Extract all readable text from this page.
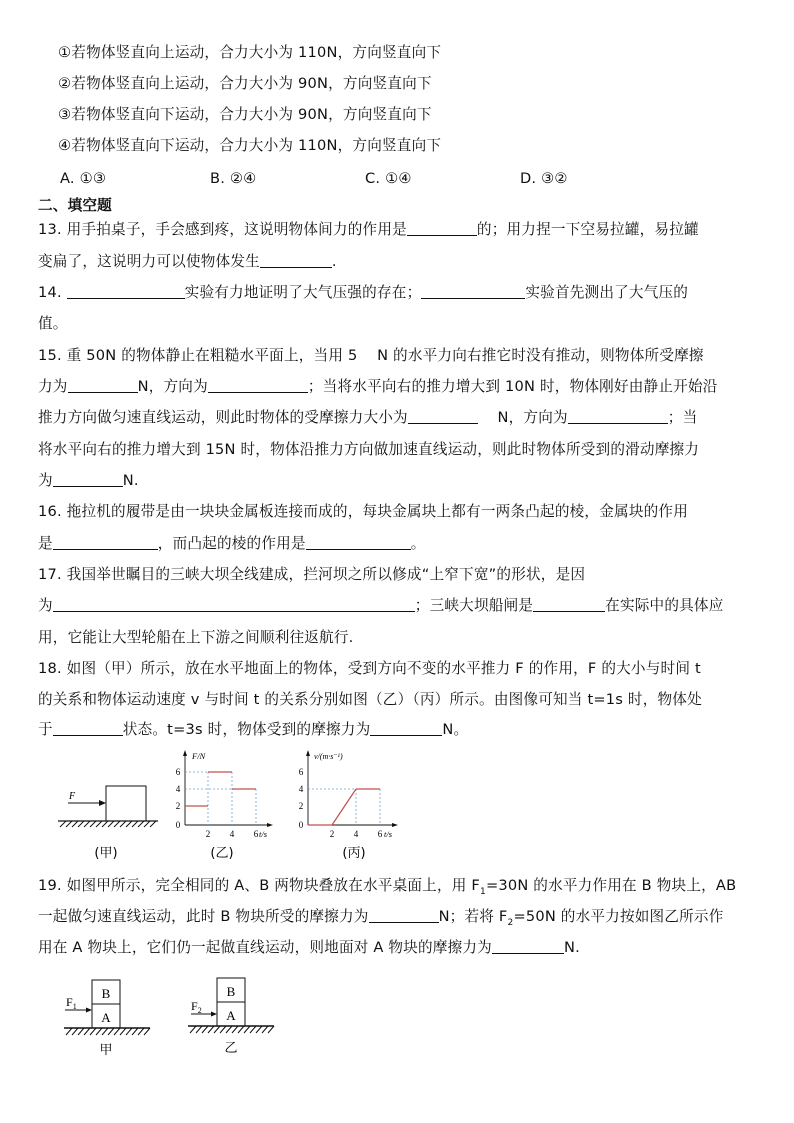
①若物体竖直向上运动，合力大小为 110N，方向竖直向下
②若物体竖直向上运动，合力大小为 90N，方向竖直向下
③若物体竖直向下运动，合力大小为 90N，方向竖直向下
④若物体竖直向下运动，合力大小为 110N，方向竖直向下
A. ①③	B. ②④	C. ①④	D. ③②
二、填空题
13. 用手拍桌子，手会感到疼，这说明物体间力的作用是	的；用力捏一下空易拉罐，易拉罐
变扁了，这说明力可以使物体发生	.
14.	实验有力地证明了大气压强的存在；	实验首先测出了大气压的
值。
15. 重 50N 的物体静止在粗糙水平面上，当用 5 　N 的水平力向右推它时没有推动，则物体所受摩擦
力为	N，方向为	；当将水平向右的推力增大到 10N 时，物体刚好由静止开始沿
推力方向做匀速直线运动，则此时物体的受摩擦力大小为	　 N，方向为	；当
将水平向右的推力增大到 15N 时，物体沿推力方向做加速直线运动，则此时物体所受到的滑动摩擦力
为	N.
16. 拖拉机的履带是由一块块金属板连接而成的，每块金属块上都有一两条凸起的棱，金属块的作用
是	，而凸起的棱的作用是	。
17. 我国举世瞩目的三峡大坝全线建成，拦河坝之所以修成“上窄下宽”的形状，是因
为	；三峡大坝船闸是	在实际中的具体应
用，它能让大型轮船在上下游之间顺利往返航行.
18. 如图（甲）所示，放在水平地面上的物体，受到方向不变的水平推力 F 的作用，F 的大小与时间 t
的关系和物体运动速度 v 与时间 t 的关系分别如图（乙）（丙）所示。由图像可知当 t=1s 时，物体处
于	状态。t=3s 时，物体受到的摩擦力为	N。
F
(甲)
F/N
t/s
6
4
2
0
2 4 6
(乙)
v/(m·s⁻¹)
t/s
6
4
2
0
2 4 6
(丙)
19. 如图甲所示，完全相同的 A、B 两物块叠放在水平桌面上，用 $F_1=30N$ 的水平力作用在 B 物块上，AB
一起做匀速直线运动，此时 B 物块所受的摩擦力为	N；若将 $F_2=50N$ 的水平力按如图乙所示作
用在 A 物块上，它们仍一起做直线运动，则地面对 A 物块的摩擦力为	N.
B
A
$F_1$
甲
B
A
$F_2$
乙
